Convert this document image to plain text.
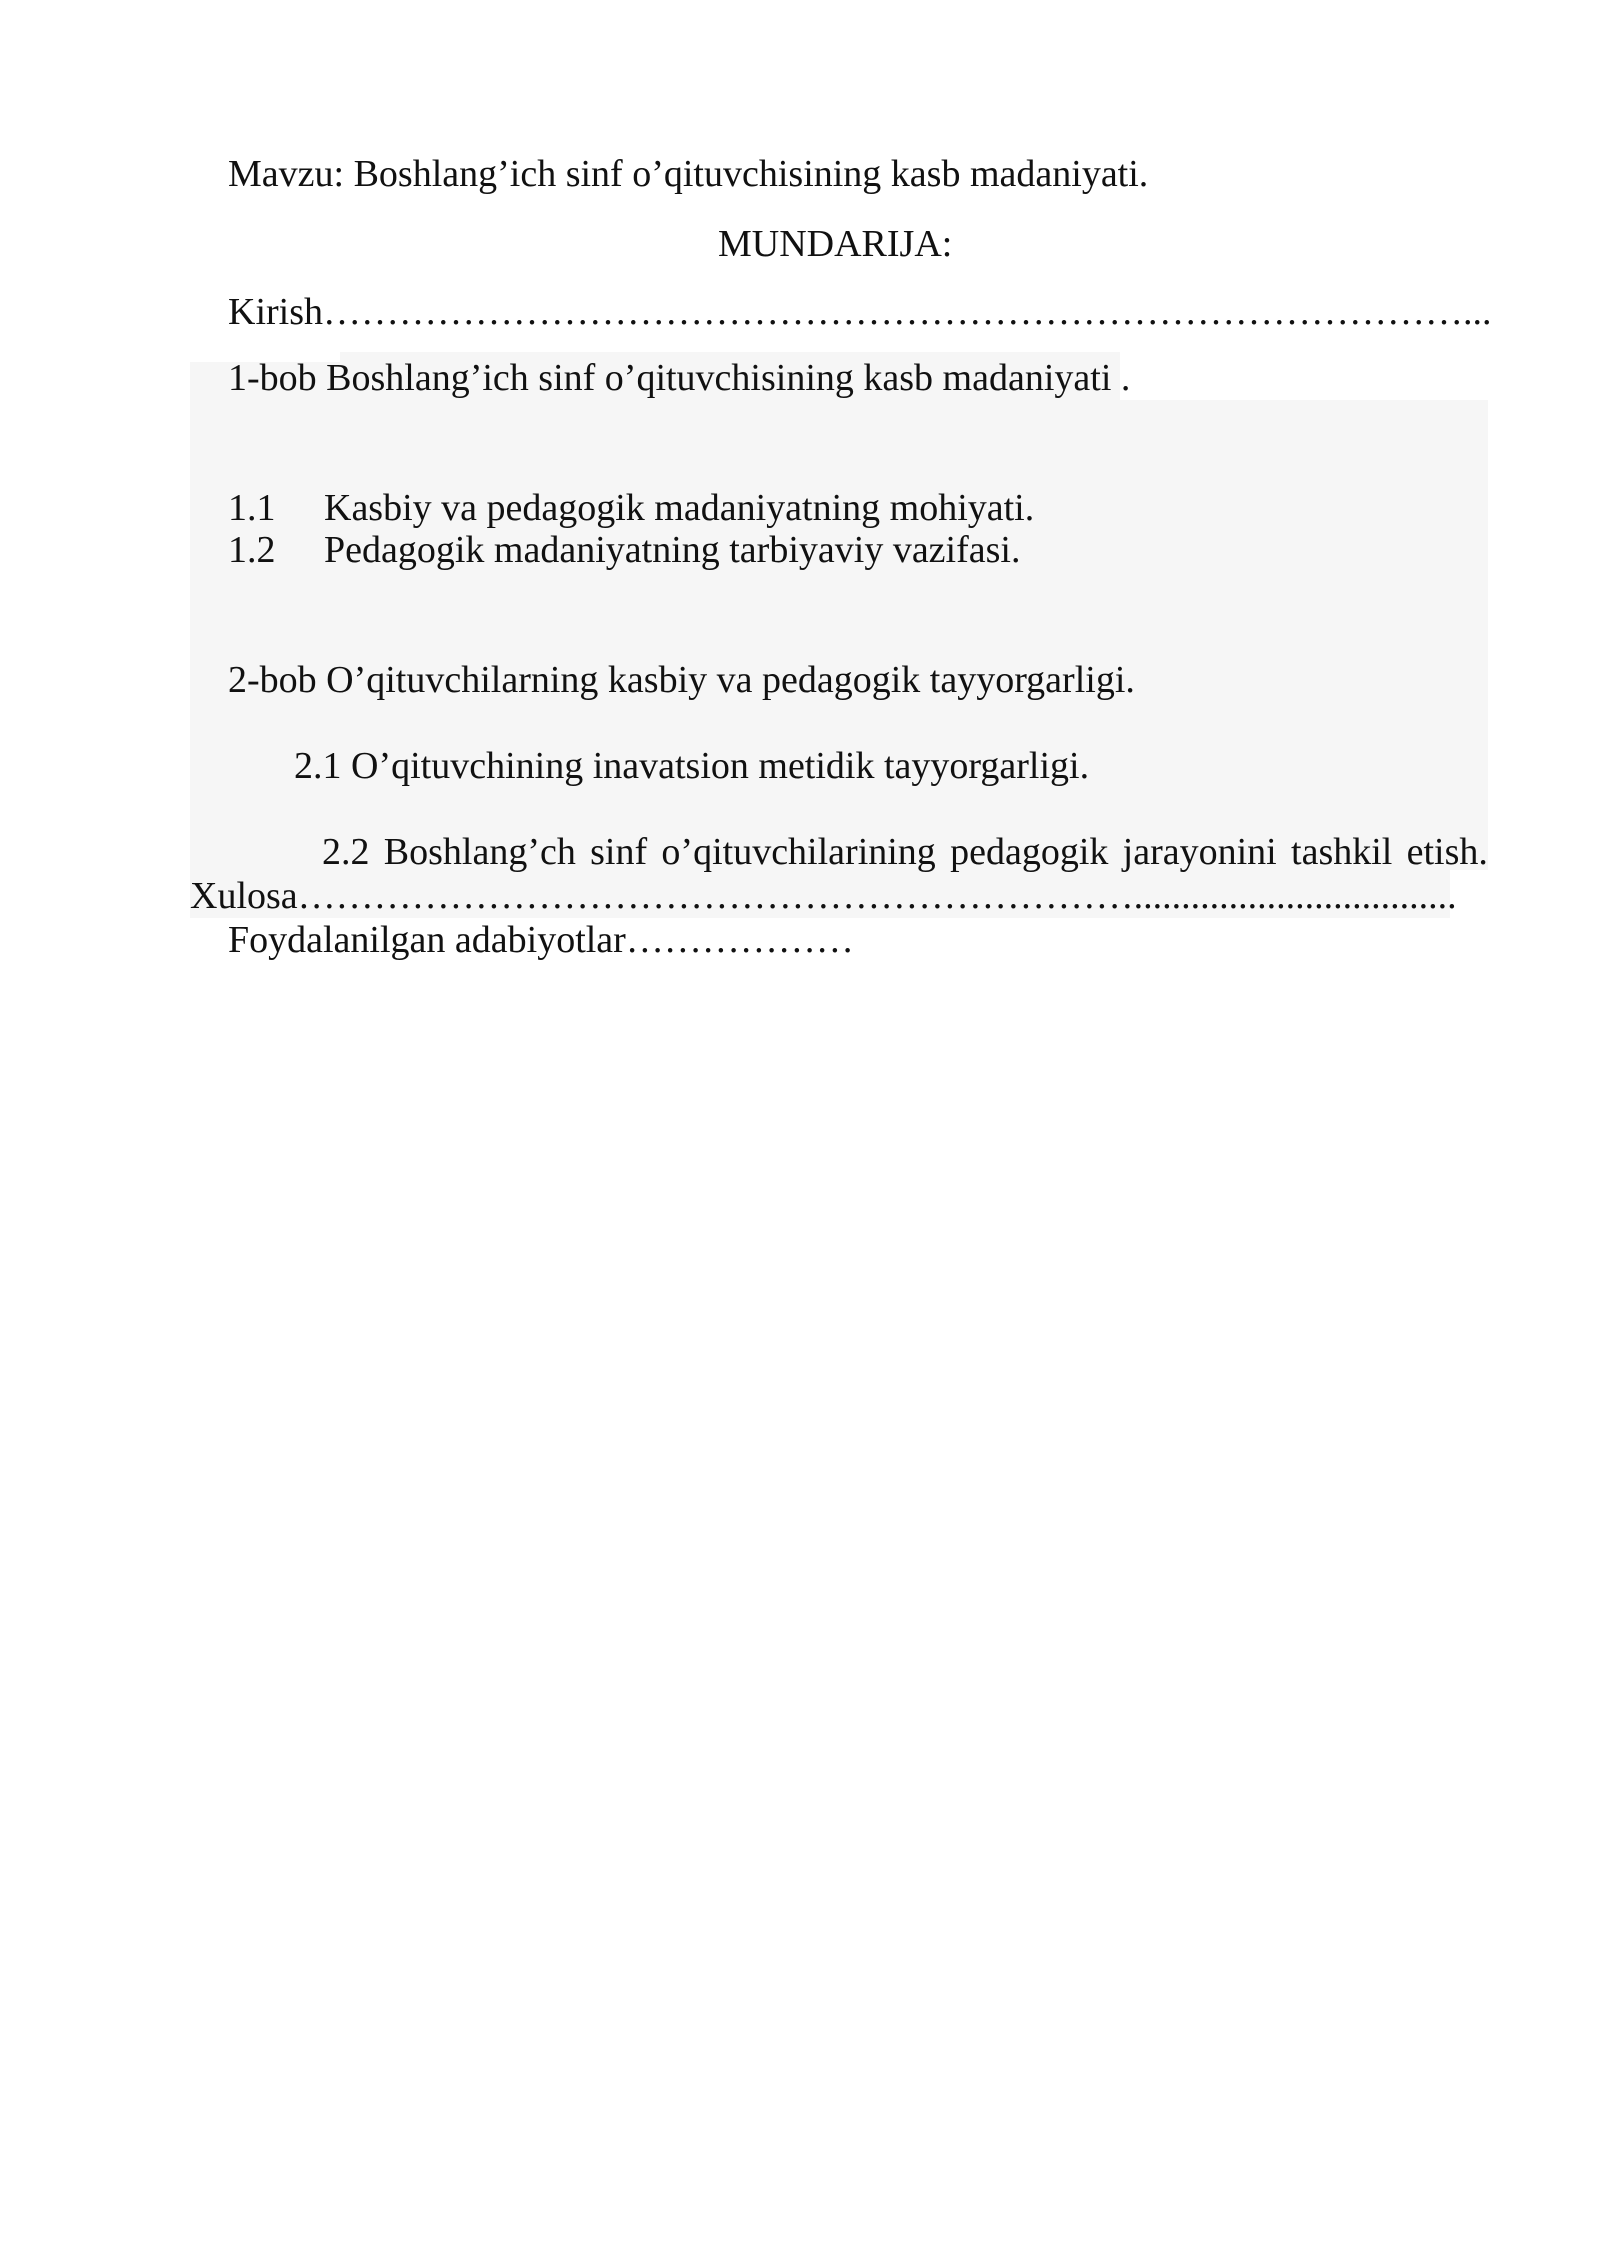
Mavzu: Boshlang’ich sinf o’qituvchisining kasb madaniyati.
MUNDARIJA:
Kirish………………………………………………………………………………...
1-bob Boshlang’ich sinf o’qituvchisining kasb madaniyati .
1.1 Kasbiy va pedagogik madaniyatning mohiyati.
1.2 Pedagogik madaniyatning tarbiyaviy vazifasi.
2-bob O’qituvchilarning kasbiy va pedagogik tayyorgarligi.
2.1 O’qituvchining inavatsion metidik tayyorgarligi.
2.2 Boshlang’ch sinf o’qituvchilarining pedagogik jarayonini tashkil etish.
Xulosa…………………………………………………………..................................
Foydalanilgan adabiyotlar………………
